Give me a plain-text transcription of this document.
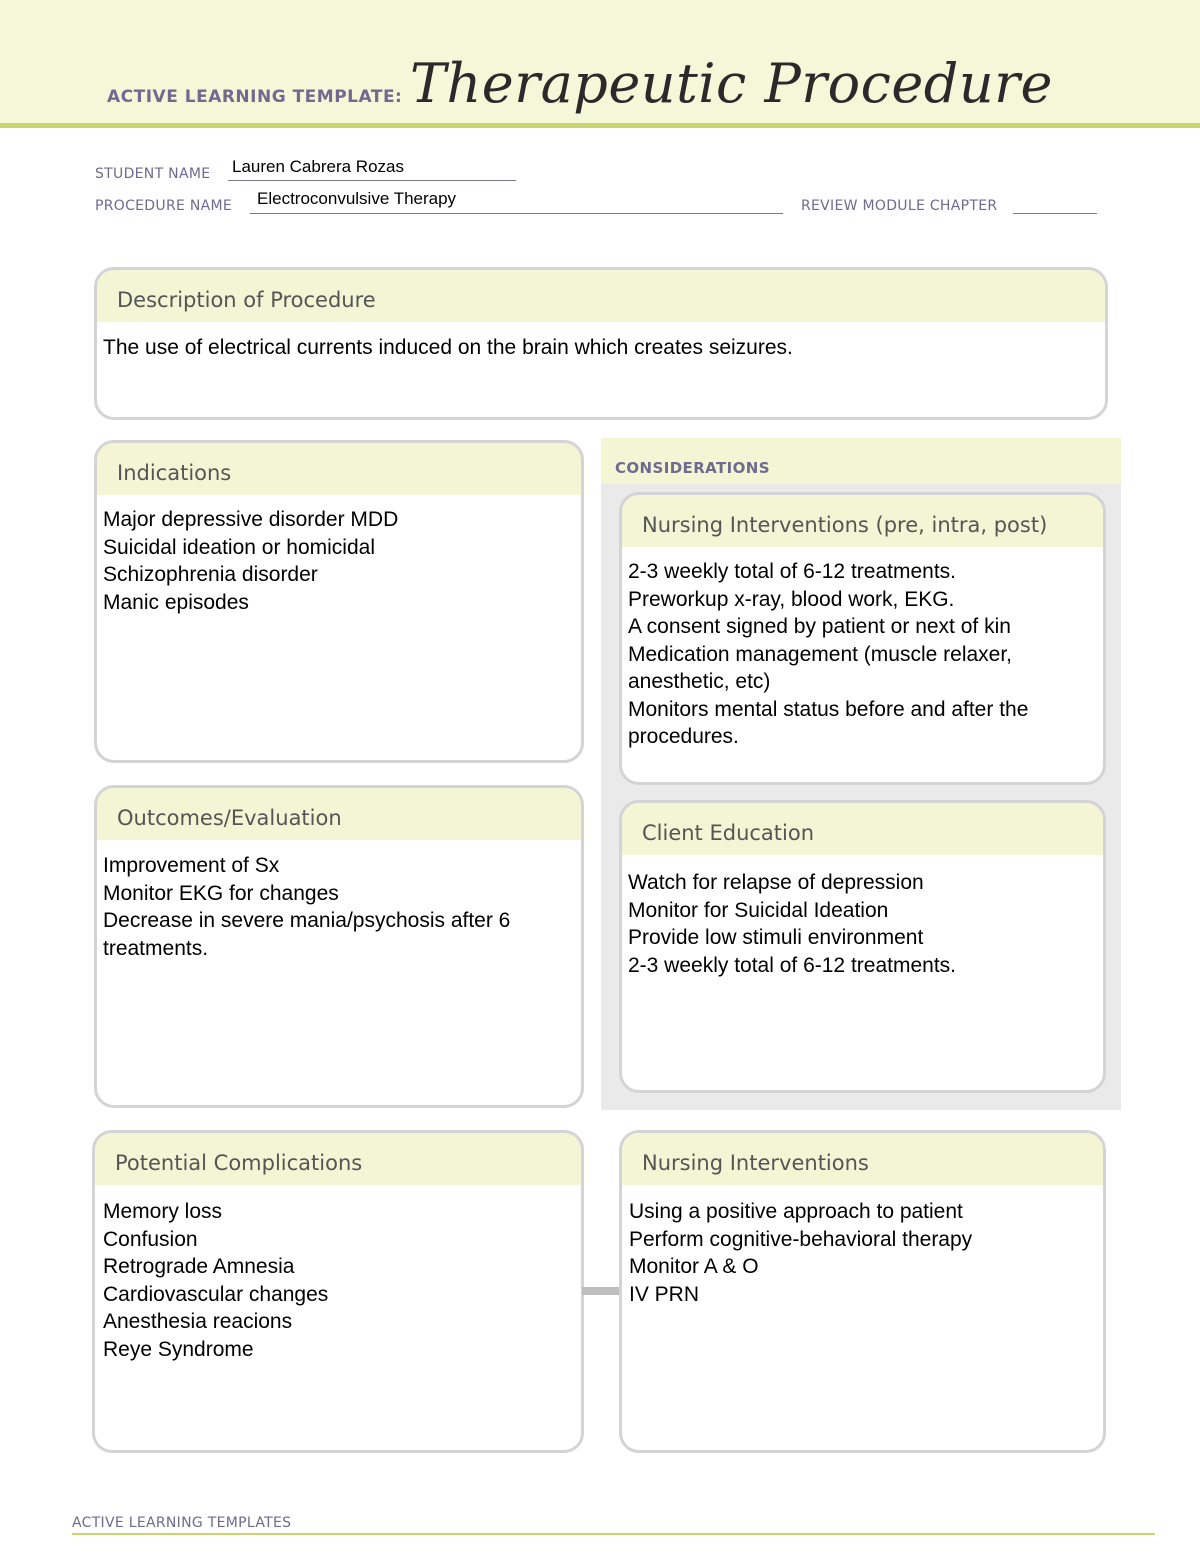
ACTIVE LEARNING TEMPLATE: Therapeutic Procedure
STUDENT NAME Lauren Cabrera Rozas
PROCEDURE NAME Electroconvulsive Therapy	REVIEW MODULE CHAPTER
Description of Procedure
The use of electrical currents induced on the brain which creates seizures.
Indications
Major depressive disorder MDD
Suicidal ideation or homicidal
Schizophrenia disorder
Manic episodes
CONSIDERATIONS
Nursing Interventions (pre, intra, post)
2-3 weekly total of 6-12 treatments.
Preworkup x-ray, blood work, EKG.
A consent signed by patient or next of kin
Medication management (muscle relaxer,
anesthetic, etc)
Monitors mental status before and after the
procedures.
Client Education
Watch for relapse of depression
Monitor for Suicidal Ideation
Provide low stimuli environment
2-3 weekly total of 6-12 treatments.
Outcomes/Evaluation
Improvement of Sx
Monitor EKG for changes
Decrease in severe mania/psychosis after 6
treatments.
Potential Complications
Memory loss
Confusion
Retrograde Amnesia
Cardiovascular changes
Anesthesia reacions
Reye Syndrome
Nursing Interventions
Using a positive approach to patient
Perform cognitive-behavioral therapy
Monitor A & O
IV PRN
ACTIVE LEARNING TEMPLATES
